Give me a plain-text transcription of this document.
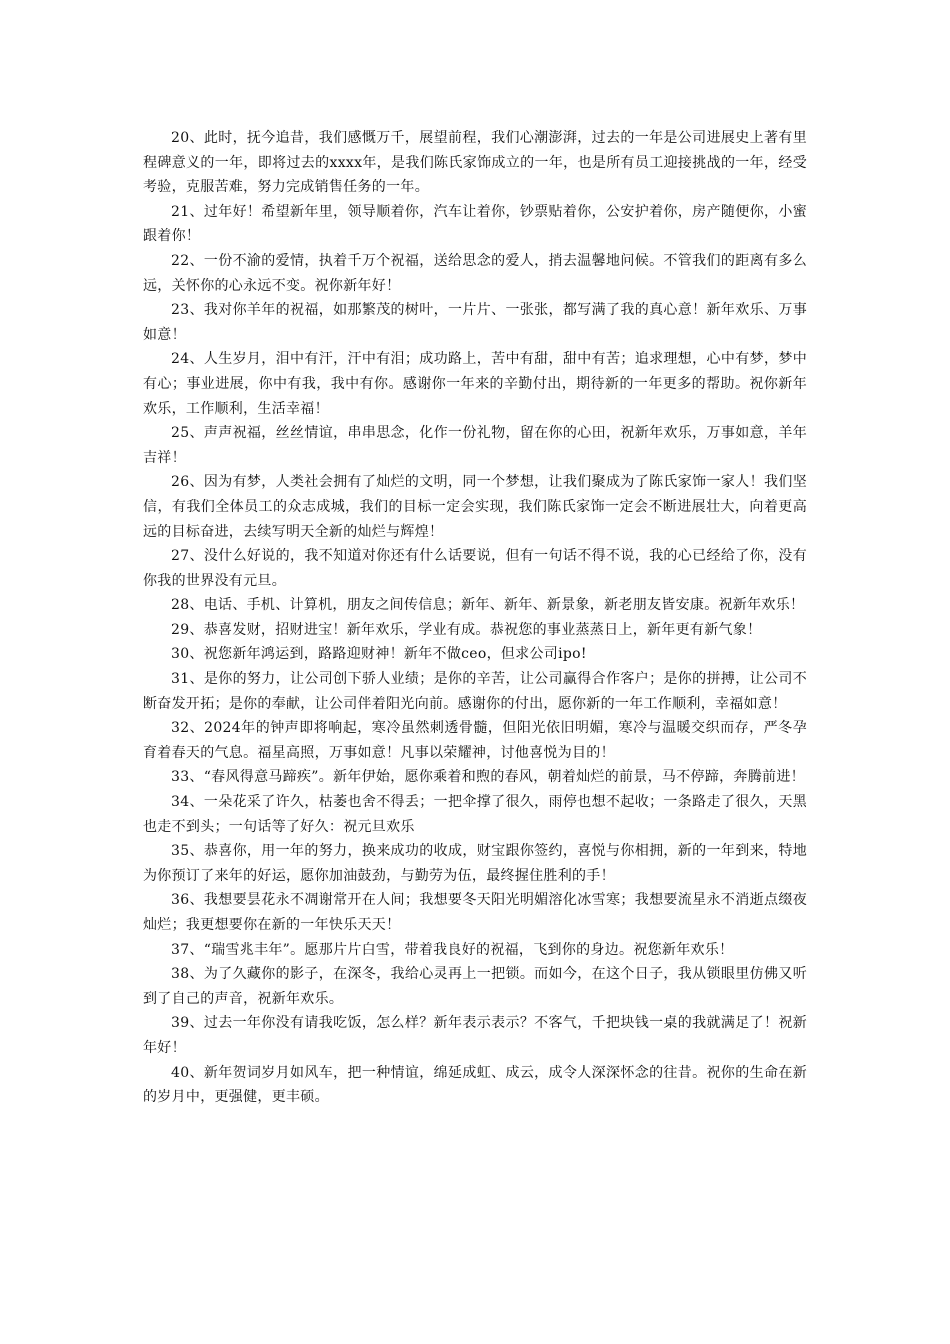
20、此时，抚今追昔，我们感慨万千，展望前程，我们心潮澎湃，过去的一年是公司进展史上著有里程碑意义的一年，即将过去的xxxx年，是我们陈氏家饰成立的一年，也是所有员工迎接挑战的一年，经受考验，克服苦难，努力完成销售任务的一年。

21、过年好！希望新年里，领导顺着你，汽车让着你，钞票贴着你，公安护着你，房产随便你，小蜜跟着你！

22、一份不渝的爱情，执着千万个祝福，送给思念的爱人，捎去温馨地问候。不管我们的距离有多么远，关怀你的心永远不变。祝你新年好！

23、我对你羊年的祝福，如那繁茂的树叶，一片片、一张张，都写满了我的真心意！新年欢乐、万事如意！

24、人生岁月，泪中有汗，汗中有泪；成功路上，苦中有甜，甜中有苦；追求理想，心中有梦，梦中有心；事业进展，你中有我，我中有你。感谢你一年来的辛勤付出，期待新的一年更多的帮助。祝你新年欢乐，工作顺利，生活幸福！

25、声声祝福，丝丝情谊，串串思念，化作一份礼物，留在你的心田，祝新年欢乐，万事如意，羊年吉祥！

26、因为有梦，人类社会拥有了灿烂的文明，同一个梦想，让我们聚成为了陈氏家饰一家人！我们坚信，有我们全体员工的众志成城，我们的目标一定会实现，我们陈氏家饰一定会不断进展壮大，向着更高远的目标奋进，去续写明天全新的灿烂与辉煌！

27、没什么好说的，我不知道对你还有什么话要说，但有一句话不得不说，我的心已经给了你，没有你我的世界没有元旦。

28、电话、手机、计算机，朋友之间传信息；新年、新年、新景象，新老朋友皆安康。祝新年欢乐！

29、恭喜发财，招财进宝！新年欢乐，学业有成。恭祝您的事业蒸蒸日上，新年更有新气象！

30、祝您新年鸿运到，路路迎财神！新年不做ceo，但求公司ipo!

31、是你的努力，让公司创下骄人业绩；是你的辛苦，让公司赢得合作客户；是你的拼搏，让公司不断奋发开拓；是你的奉献，让公司伴着阳光向前。感谢你的付出，愿你新的一年工作顺利，幸福如意！

32、2024年的钟声即将响起，寒冷虽然刺透骨髓，但阳光依旧明媚，寒冷与温暖交织而存，严冬孕育着春天的气息。福星高照，万事如意！凡事以荣耀神，讨他喜悦为目的！

33、“春风得意马蹄疾”。新年伊始，愿你乘着和煦的春风，朝着灿烂的前景，马不停蹄，奔腾前进！

34、一朵花采了许久，枯萎也舍不得丢；一把伞撑了很久，雨停也想不起收；一条路走了很久，天黑也走不到头；一句话等了好久：祝元旦欢乐

35、恭喜你，用一年的努力，换来成功的收成，财宝跟你签约，喜悦与你相拥，新的一年到来，特地为你预订了来年的好运，愿你加油鼓劲，与勤劳为伍，最终握住胜利的手！

36、我想要昙花永不凋谢常开在人间；我想要冬天阳光明媚溶化冰雪寒；我想要流星永不消逝点缀夜灿烂；我更想要你在新的一年快乐天天！

37、“瑞雪兆丰年”。愿那片片白雪，带着我良好的祝福，飞到你的身边。祝您新年欢乐！

38、为了久藏你的影子，在深冬，我给心灵再上一把锁。而如今，在这个日子，我从锁眼里仿佛又听到了自己的声音，祝新年欢乐。

39、过去一年你没有请我吃饭，怎么样？新年表示表示？不客气，千把块钱一桌的我就满足了！祝新年好！

40、新年贺词岁月如风车，把一种情谊，绵延成虹、成云，成令人深深怀念的往昔。祝你的生命在新的岁月中，更强健，更丰硕。
